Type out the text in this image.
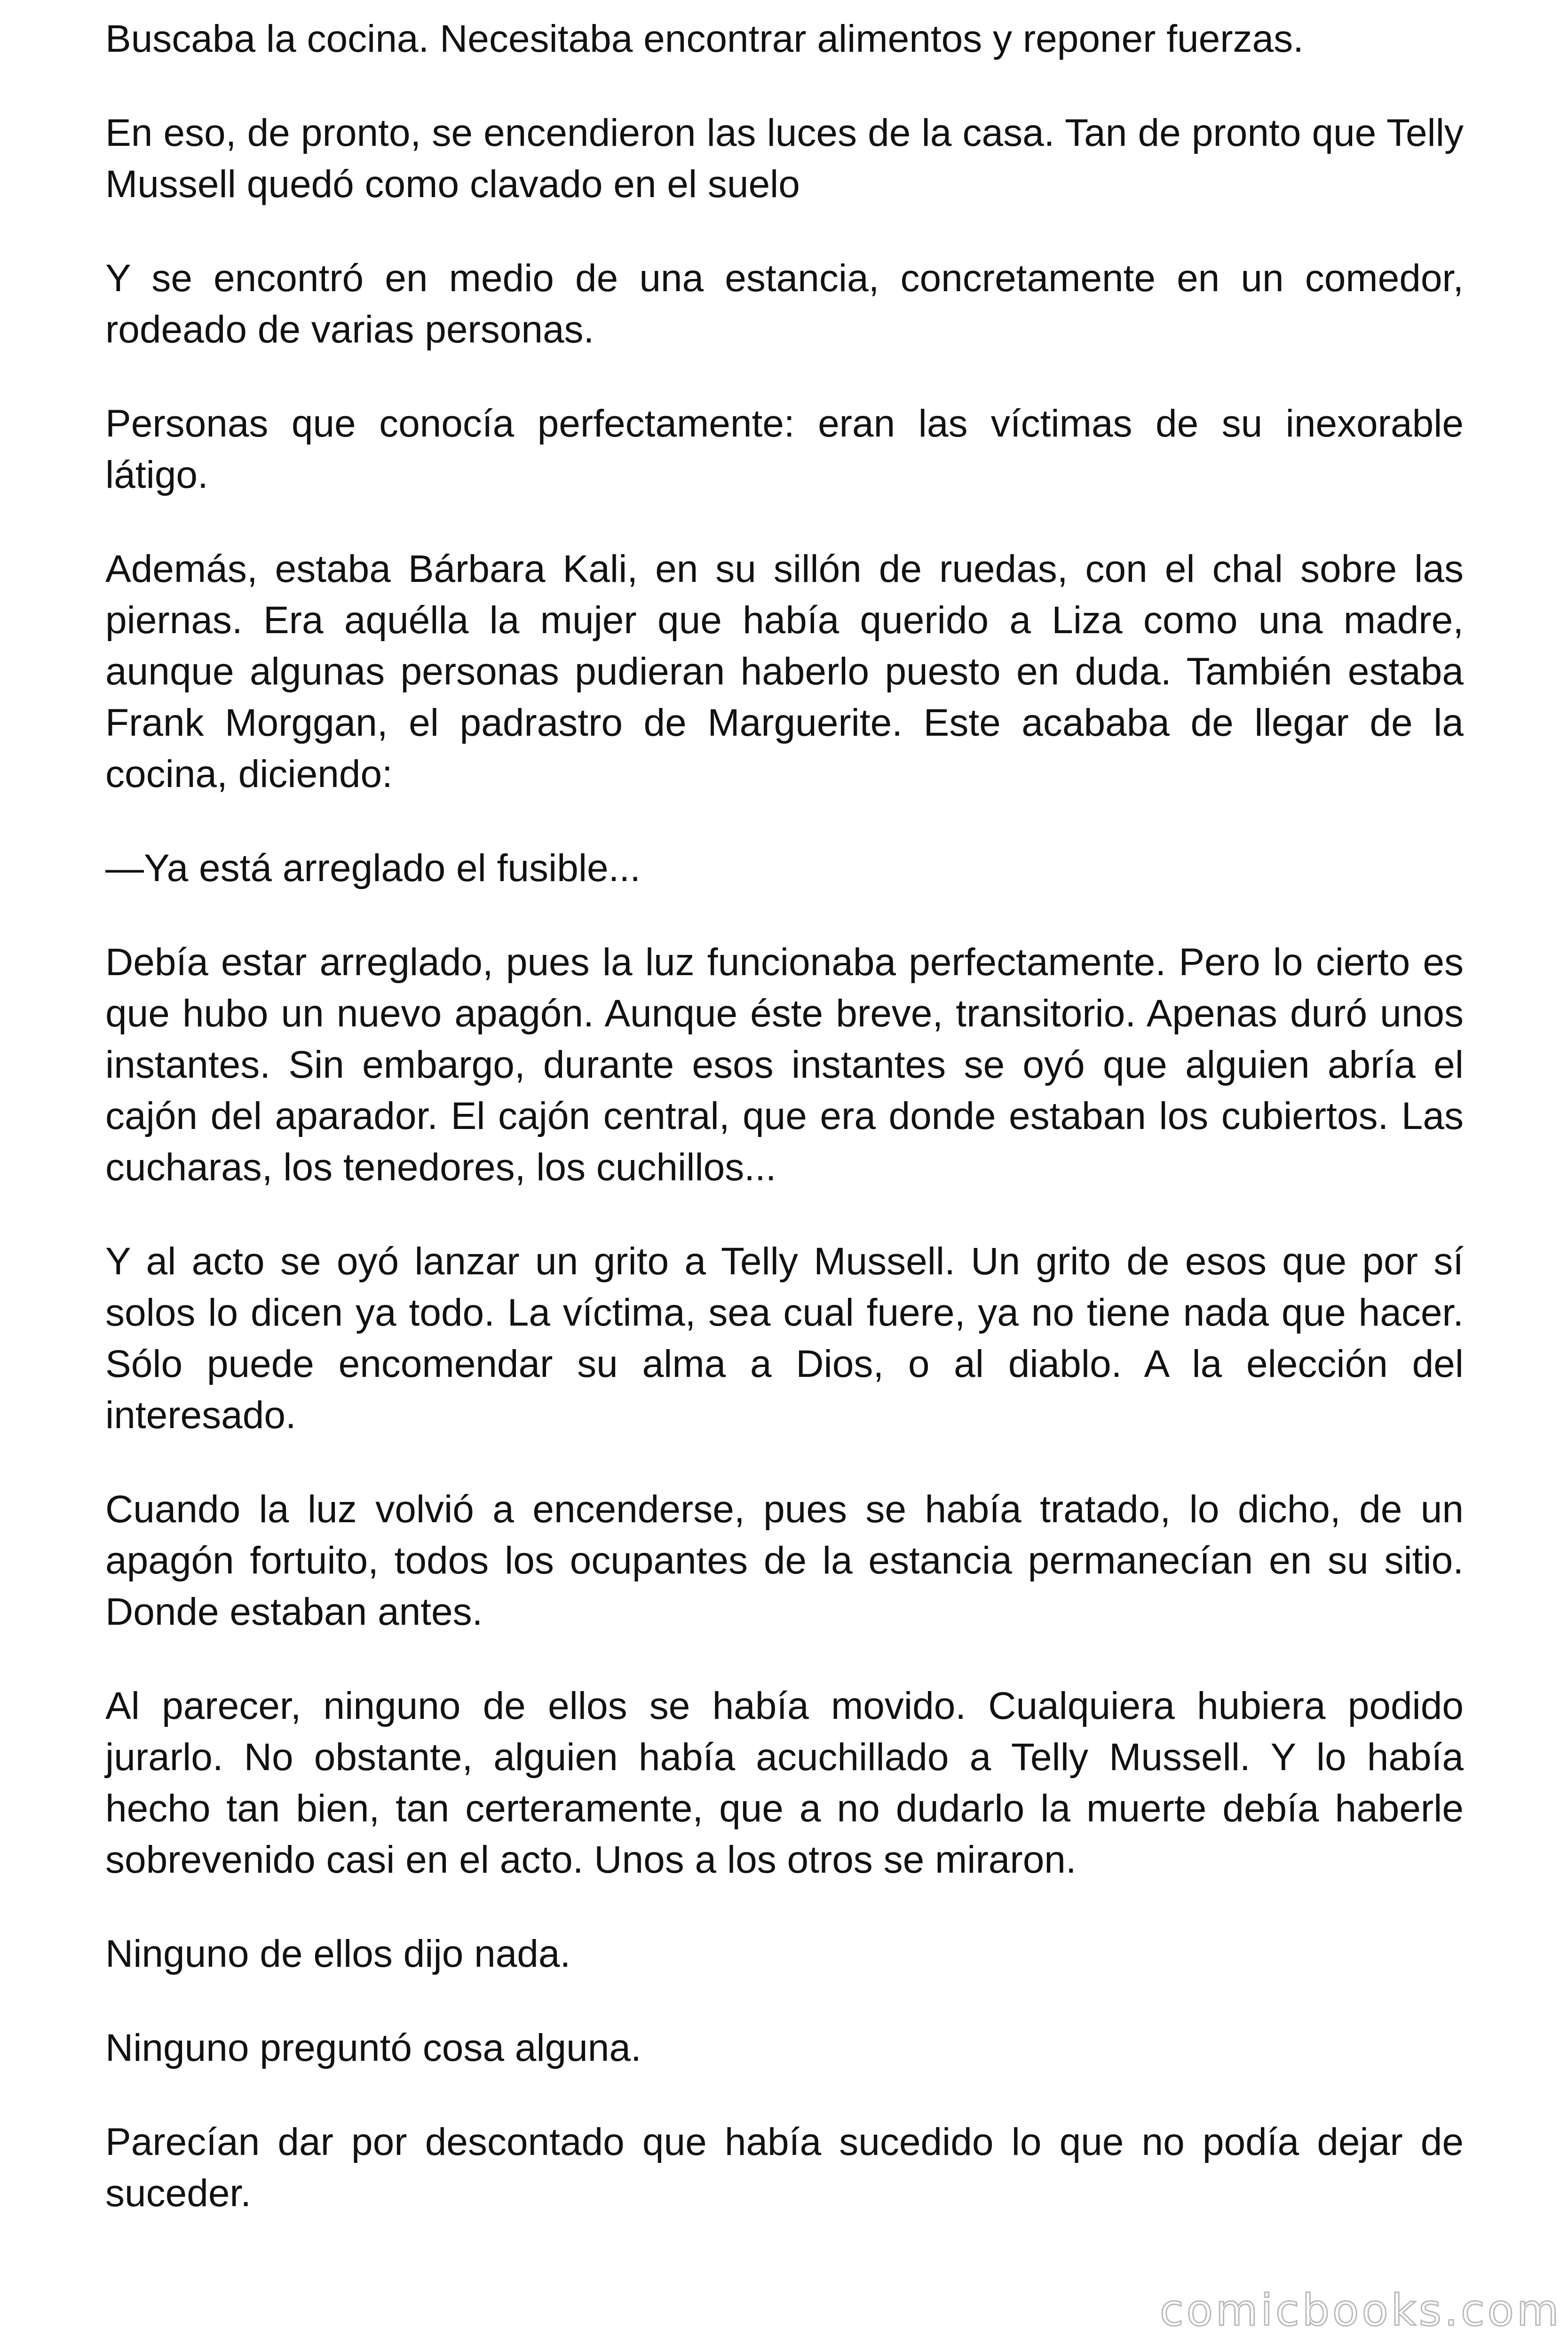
Buscaba la cocina. Necesitaba encontrar alimentos y reponer fuerzas.

En eso, de pronto, se encendieron las luces de la casa. Tan de pronto que Telly Mussell quedó como clavado en el suelo

Y se encontró en medio de una estancia, concretamente en un comedor, rodeado de varias personas.

Personas que conocía perfectamente: eran las víctimas de su inexorable látigo.

Además, estaba Bárbara Kali, en su sillón de ruedas, con el chal sobre las piernas. Era aquélla la mujer que había querido a Liza como una madre, aunque algunas personas pudieran haberlo puesto en duda. También estaba Frank Morggan, el padrastro de Marguerite. Este acababa de llegar de la cocina, diciendo:

—Ya está arreglado el fusible...

Debía estar arreglado, pues la luz funcionaba perfectamente. Pero lo cierto es que hubo un nuevo apagón. Aunque éste breve, transitorio. Apenas duró unos instantes. Sin embargo, durante esos instantes se oyó que alguien abría el cajón del aparador. El cajón central, que era donde estaban los cubiertos. Las cucharas, los tenedores, los cuchillos...

Y al acto se oyó lanzar un grito a Telly Mussell. Un grito de esos que por sí solos lo dicen ya todo. La víctima, sea cual fuere, ya no tiene nada que hacer. Sólo puede encomendar su alma a Dios, o al diablo. A la elección del interesado.

Cuando la luz volvió a encenderse, pues se había tratado, lo dicho, de un apagón fortuito, todos los ocupantes de la estancia permanecían en su sitio. Donde estaban antes.

Al parecer, ninguno de ellos se había movido. Cualquiera hubiera podido jurarlo. No obstante, alguien había acuchillado a Telly Mussell. Y lo había hecho tan bien, tan certeramente, que a no dudarlo la muerte debía haberle sobrevenido casi en el acto. Unos a los otros se miraron.

Ninguno de ellos dijo nada.

Ninguno preguntó cosa alguna.

Parecían dar por descontado que había sucedido lo que no podía dejar de suceder.

comicbooks.com
